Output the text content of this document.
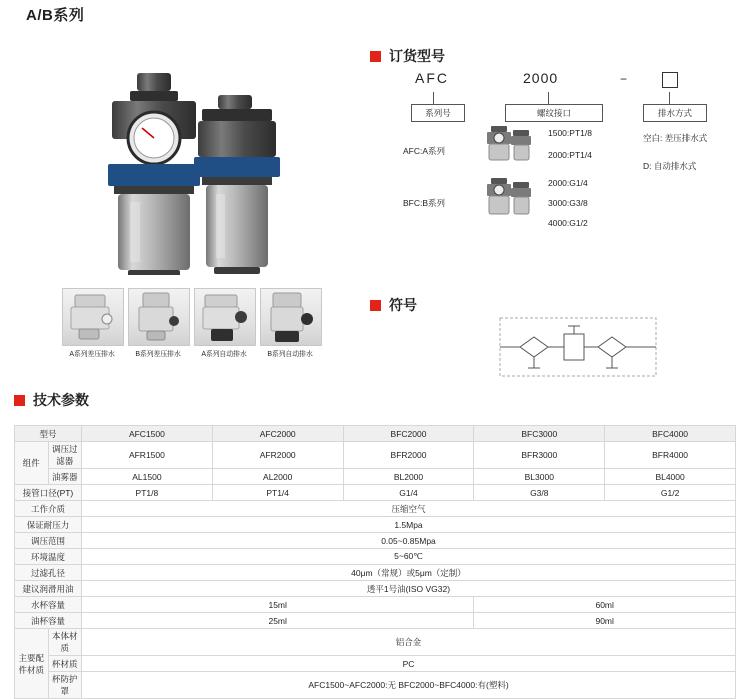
A/B系列
A系列差压排水	B系列差压排水	A系列自动排水	B系列自动排水
订货型号
AFC	2000	−
系列号	螺纹接口	排水方式
AFC:A系列
BFC:B系列
1500:PT1/8
2000:PT1/4
2000:G1/4
3000:G3/8
4000:G1/2
空白: 差压排水式
D: 自动排水式
符号
技术参数
型号		AFC1500	AFC2000	BFC2000	BFC3000	BFC4000
组件	调压过滤器	AFR1500	AFR2000	BFR2000	BFR3000	BFR4000
	油雾器	AL1500	AL2000	BL2000	BL3000	BL4000
接管口径(PT)		PT1/8	PT1/4	G1/4	G3/8	G1/2
工作介质		压缩空气				
保证耐压力		1.5Mpa				
调压范围		0.05~0.85Mpa				
环境温度		5~60℃				
过滤孔径		40μm（常规）或5μm（定制）				
建议润滑用油		透平1号油(ISO VG32)				
水杯容量		15ml			60ml	
油杯容量		25ml			90ml	
主要配件材质	本体材质	铝合金				
	杯材质	PC				
	杯防护罩	AFC1500~AFC2000:无 BFC2000~BFC4000:有(塑料)				
